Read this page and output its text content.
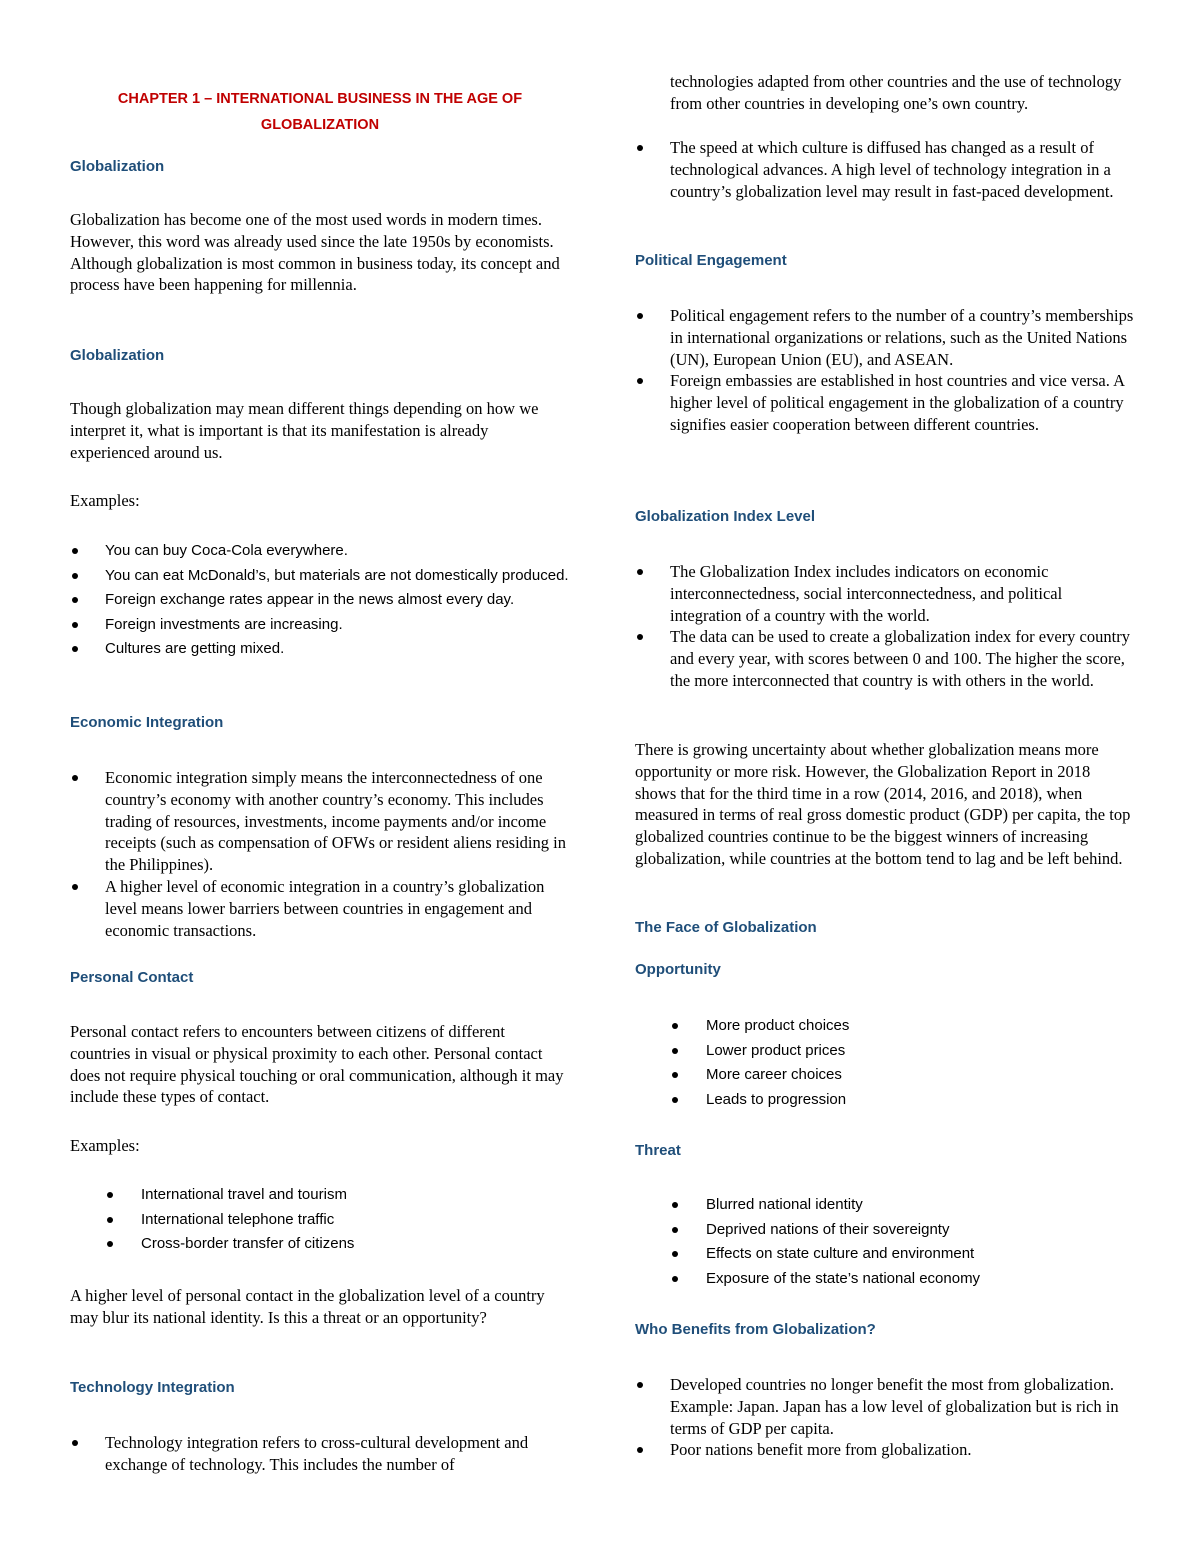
CHAPTER 1 – INTERNATIONAL BUSINESS IN THE AGE OF
GLOBALIZATION
Globalization

Globalization has become one of the most used words in modern times. However, this word was already used since the late 1950s by economists. Although globalization is most common in business today, its concept and process have been happening for millennia.

Globalization

Though globalization may mean different things depending on how we interpret it, what is important is that its manifestation is already experienced around us.

Examples:

You can buy Coca-Cola everywhere.
You can eat McDonald’s, but materials are not domestically produced.
Foreign exchange rates appear in the news almost every day.
Foreign investments are increasing.
Cultures are getting mixed.
Economic Integration
Economic integration simply means the interconnectedness of one country’s economy with another country’s economy. This includes trading of resources, investments, income payments and/or income receipts (such as compensation of OFWs or resident aliens residing in the Philippines).
A higher level of economic integration in a country’s globalization level means lower barriers between countries in engagement and economic transactions.
Personal Contact

Personal contact refers to encounters between citizens of different countries in visual or physical proximity to each other. Personal contact does not require physical touching or oral communication, although it may include these types of contact.

Examples:

International travel and tourism
International telephone traffic
Cross-border transfer of citizens

A higher level of personal contact in the globalization level of a country may blur its national identity. Is this a threat or an opportunity?

Technology Integration
Technology integration refers to cross-cultural development and exchange of technology. This includes the number of

technologies adapted from other countries and the use of technology from other countries in developing one’s own country.

The speed at which culture is diffused has changed as a result of technological advances. A high level of technology integration in a country’s globalization level may result in fast-paced development.
Political Engagement
Political engagement refers to the number of a country’s memberships in international organizations or relations, such as the United Nations (UN), European Union (EU), and ASEAN.
Foreign embassies are established in host countries and vice versa. A higher level of political engagement in the globalization of a country signifies easier cooperation between different countries.
Globalization Index Level
The Globalization Index includes indicators on economic interconnectedness, social interconnectedness, and political integration of a country with the world.
The data can be used to create a globalization index for every country and every year, with scores between 0 and 100. The higher the score, the more interconnected that country is with others in the world.

There is growing uncertainty about whether globalization means more opportunity or more risk. However, the Globalization Report in 2018 shows that for the third time in a row (2014, 2016, and 2018), when measured in terms of real gross domestic product (GDP) per capita, the top globalized countries continue to be the biggest winners of increasing globalization, while countries at the bottom tend to lag and be left behind.

The Face of Globalization
Opportunity
More product choices
Lower product prices
More career choices
Leads to progression
Threat
Blurred national identity
Deprived nations of their sovereignty
Effects on state culture and environment
Exposure of the state’s national economy
Who Benefits from Globalization?
Developed countries no longer benefit the most from globalization. Example: Japan. Japan has a low level of globalization but is rich in terms of GDP per capita.
Poor nations benefit more from globalization.
